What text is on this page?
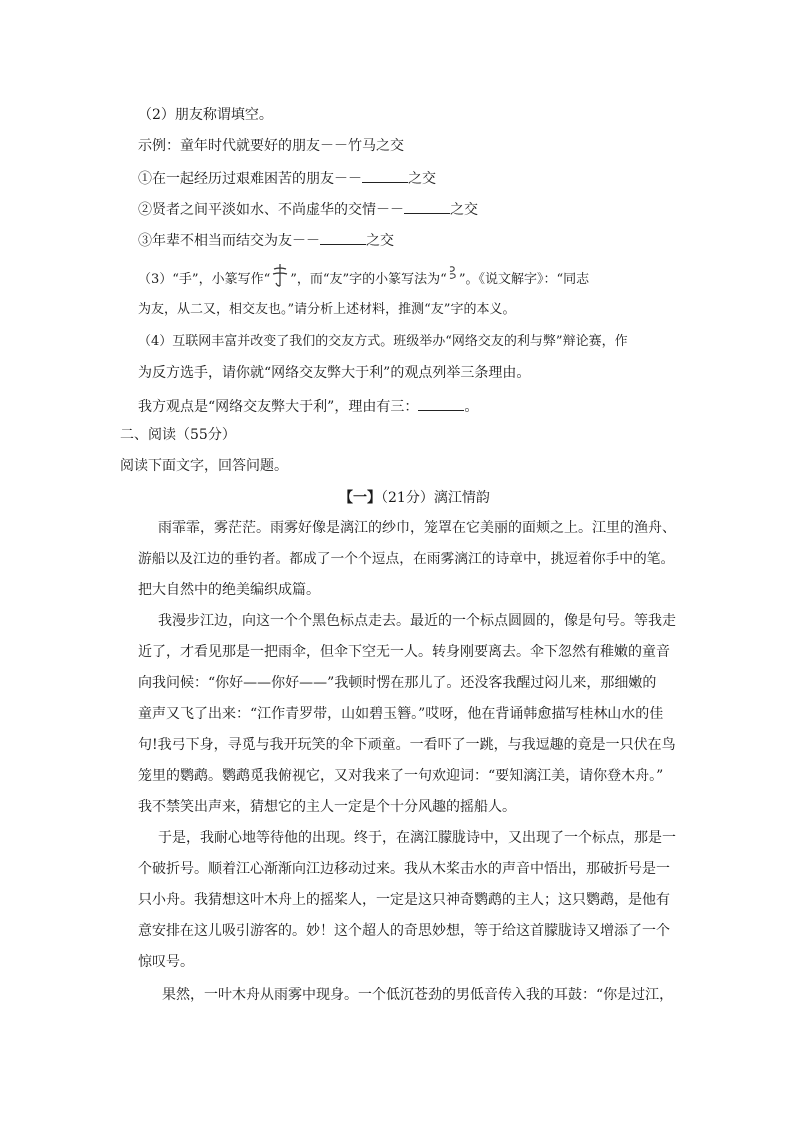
（2）朋友称谓填空。
示例：童年时代就要好的朋友－－竹马之交
①在一起经历过艰难困苦的朋友－－	之交
②贤者之间平淡如水、不尚虚华的交情－－	之交
③年辈不相当而结交为友－－	之交
（3）“手”，小篆写作“ ”，而“友”字的小篆写法为“ ”。《说文解字》：“同志
为友，从二又，相交友也。”请分析上述材料，推测“友”字的本义。
（4）互联网丰富并改变了我们的交友方式。班级举办“网络交友的利与弊”辩论赛，作
为反方选手，请你就“网络交友弊大于利”的观点列举三条理由。
我方观点是“网络交友弊大于利”，理由有三：	。
二、阅读（55分）
阅读下面文字，回答问题。
【一】（21分）漓江情韵
雨霏霏，雾茫茫。雨雾好像是漓江的纱巾，笼罩在它美丽的面颊之上。江里的渔舟、
游船以及江边的垂钓者。都成了一个个逗点，在雨雾漓江的诗章中，挑逗着你手中的笔。
把大自然中的绝美编织成篇。
我漫步江边，向这一个个黑色标点走去。最近的一个标点圆圆的，像是句号。等我走
近了，才看见那是一把雨伞，但伞下空无一人。转身刚要离去。伞下忽然有稚嫩的童音
向我问候：“你好——你好——”我顿时愣在那儿了。还没客我醒过闷儿来，那细嫩的
童声又飞了出来：“江作青罗带，山如碧玉簪。”哎呀，他在背诵韩愈描写桂林山水的佳
句!我弓下身，寻觅与我开玩笑的伞下顽童。一看吓了一跳，与我逗趣的竟是一只伏在鸟
笼里的鹦鹉。鹦鹉觅我俯视它，又对我来了一句欢迎词：“要知漓江美，请你登木舟。”
我不禁笑出声来，猜想它的主人一定是个十分风趣的摇船人。
于是，我耐心地等待他的出现。终于，在漓江朦胧诗中，又出现了一个标点，那是一
个破折号。顺着江心渐渐向江边移动过来。我从木桨击水的声音中悟出，那破折号是一
只小舟。我猜想这叶木舟上的摇桨人，一定是这只神奇鹦鹉的主人；这只鹦鹉，是他有
意安排在这儿吸引游客的。妙！这个超人的奇思妙想，等于给这首朦胧诗又增添了一个
惊叹号。
果然，一叶木舟从雨雾中现身。一个低沉苍劲的男低音传入我的耳鼓：“你是过江，
